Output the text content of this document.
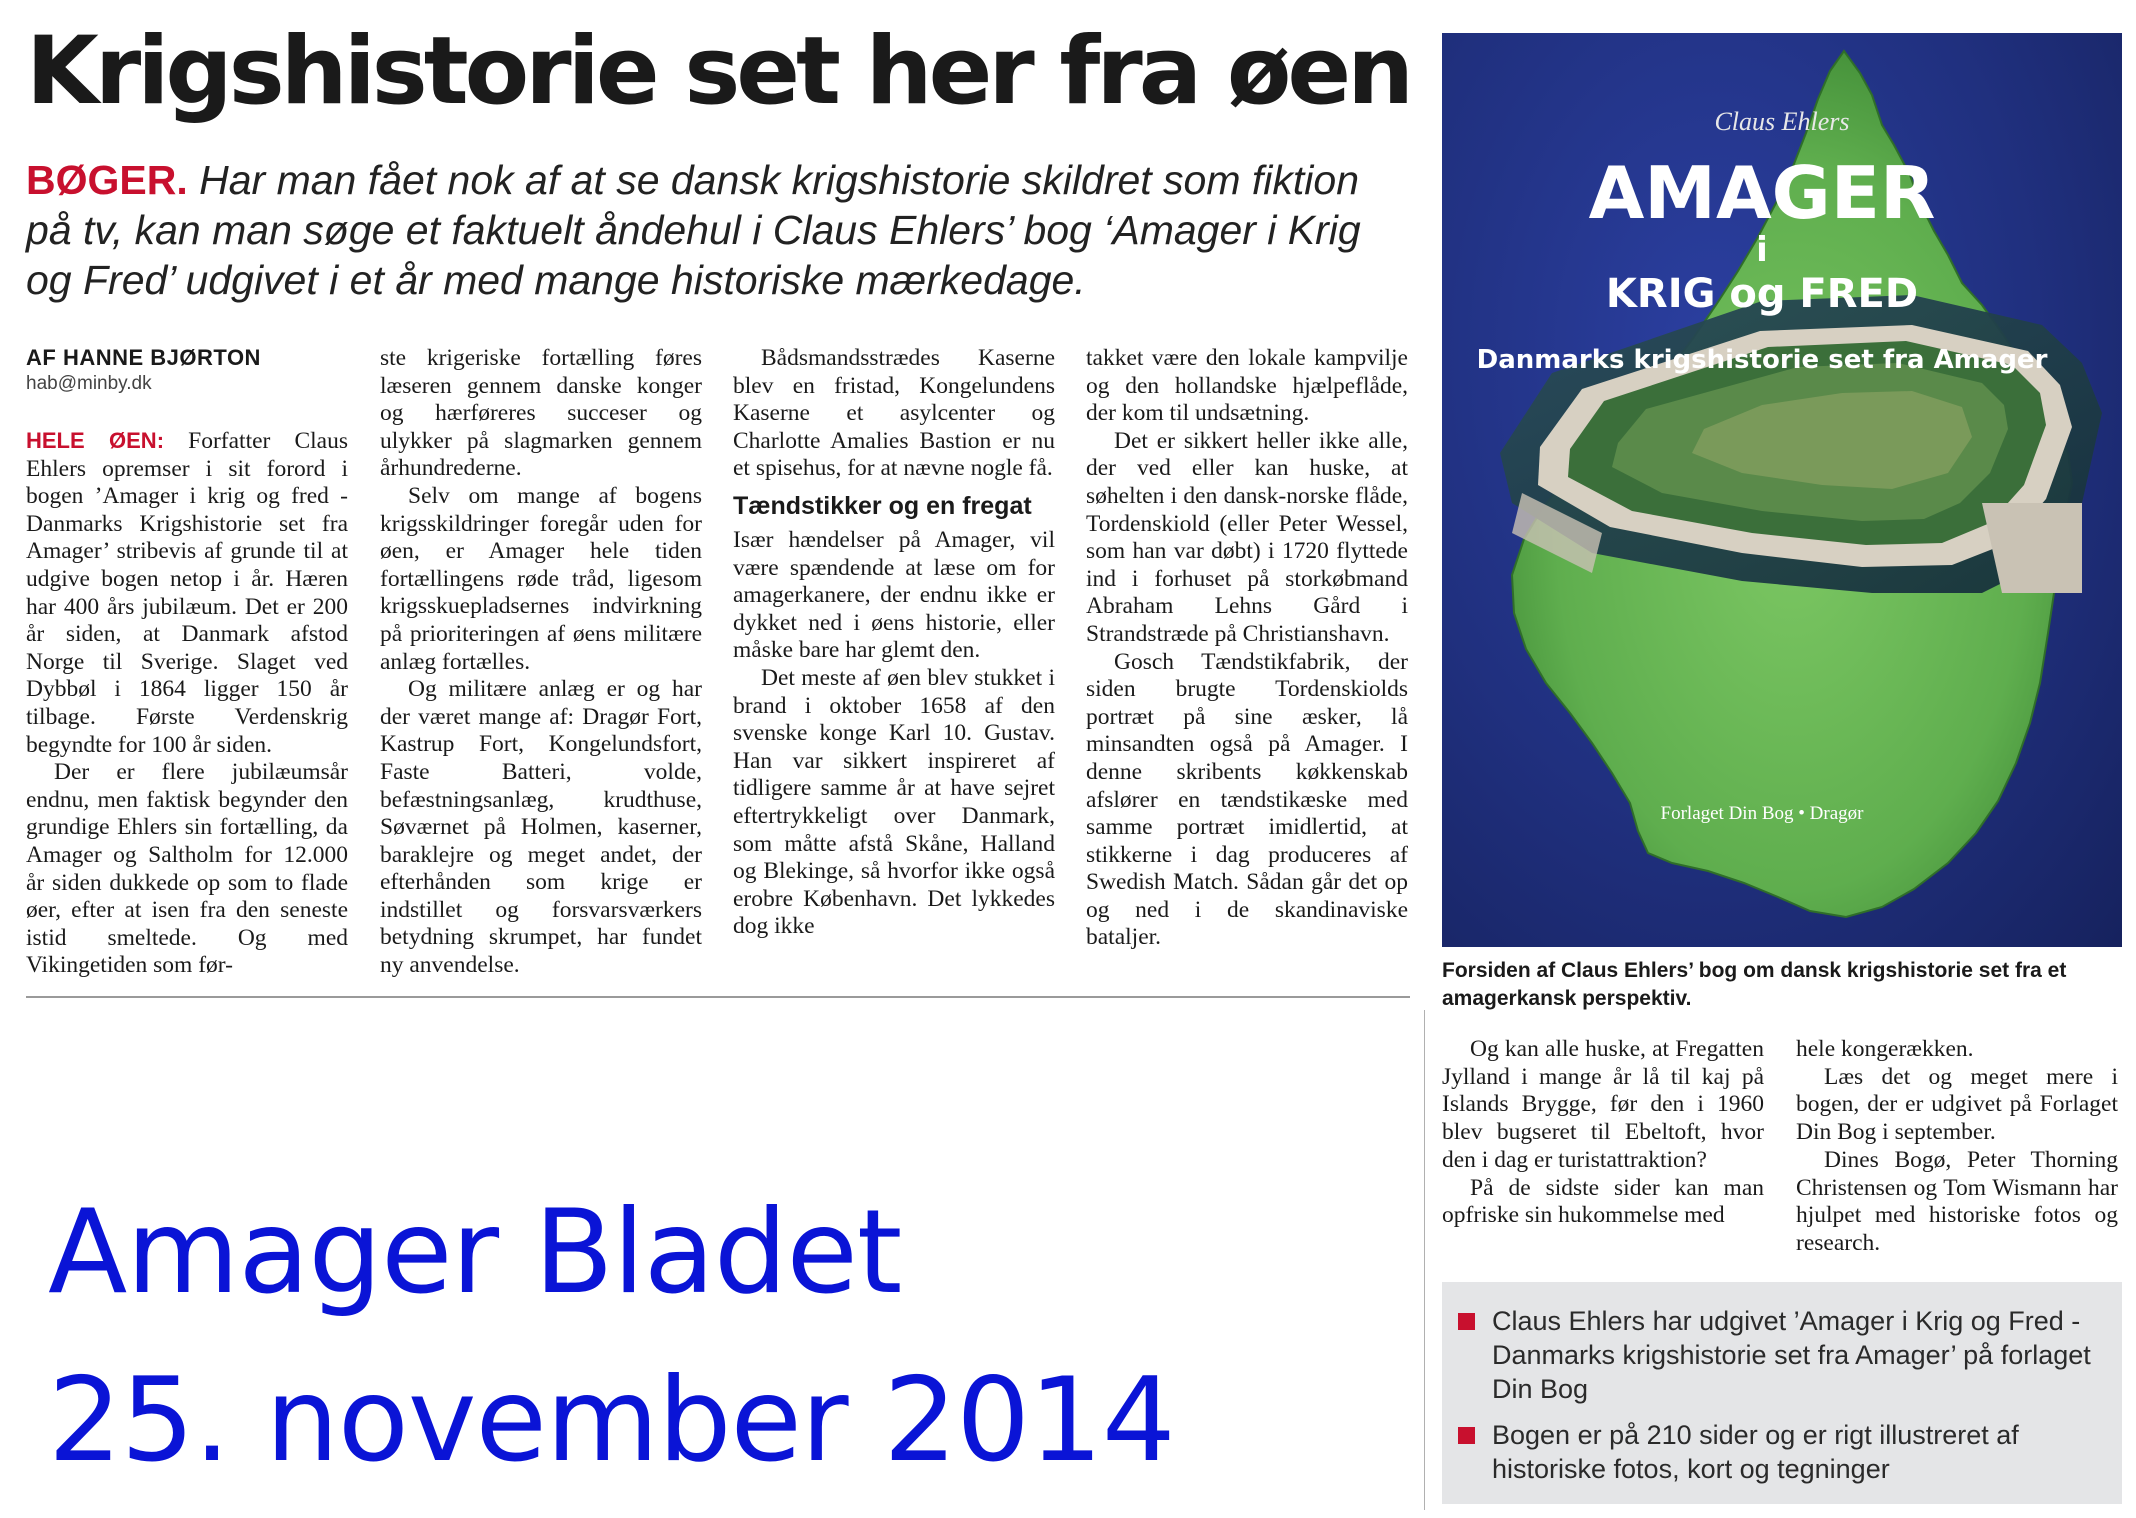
Krigshistorie set her fra øen
BØGER. Har man fået nok af at se dansk krigshistorie skildret som fiktion på tv, kan man søge et faktuelt åndehul i Claus Ehlers’ bog ‘Amager i Krig og Fred’ udgivet i et år med mange historiske mærkedage.
AF HANNE BJØRTON
hab@minby.dk

HELE ØEN: Forfatter Claus Ehlers opremser i sit forord i bogen ’Amager i krig og fred - Danmarks Krigshistorie set fra Amager’ stribevis af grunde til at udgive bogen netop i år. Hæren har 400 års jubilæum. Det er 200 år siden, at Danmark afstod Norge til Sverige. Slaget ved Dybbøl i 1864 ligger 150 år tilbage. Første Verdenskrig begyndte for 100 år siden.

Der er flere jubilæumsår endnu, men faktisk begynder den grundige Ehlers sin fortælling, da Amager og Saltholm for 12.000 år siden dukkede op som to flade øer, efter at isen fra den seneste istid smeltede. Og med Vikingetiden som før-

ste krigeriske fortælling føres læseren gennem danske konger og hærføreres succeser og ulykker på slagmarken gennem århundrederne.

Selv om mange af bogens krigsskildringer foregår uden for øen, er Amager hele tiden fortællingens røde tråd, ligesom krigsskuepladsernes indvirkning på prioriteringen af øens militære anlæg fortælles.

Og militære anlæg er og har der været mange af: Dragør Fort, Kastrup Fort, Kongelundsfort, Faste Batteri, volde, befæstningsanlæg, krudthuse, Søværnet på Holmen, kaserner, baraklejre og meget andet, der efterhånden som krige er indstillet og forsvarsværkers betydning skrumpet, har fundet ny anvendelse.

Bådsmandsstrædes Kaserne blev en fristad, Kongelundens Kaserne et asylcenter og Charlotte Amalies Bastion er nu et spisehus, for at nævne nogle få.

Tændstikker og en fregat

Især hændelser på Amager, vil være spændende at læse om for amagerkanere, der endnu ikke er dykket ned i øens historie, eller måske bare har glemt den.

Det meste af øen blev stukket i brand i oktober 1658 af den svenske konge Karl 10. Gustav. Han var sikkert inspireret af tidligere samme år at have sejret eftertrykkeligt over Danmark, som måtte afstå Skåne, Halland og Blekinge, så hvorfor ikke også erobre København. Det lykkedes dog ikke

takket være den lokale kampvilje og den hollandske hjælpeflåde, der kom til undsætning.

Det er sikkert heller ikke alle, der ved eller kan huske, at søhelten i den dansk-norske flåde, Tordenskiold (eller Peter Wessel, som han var døbt) i 1720 flyttede ind i forhuset på storkøbmand Abraham Lehns Gård i Strandstræde på Christianshavn.

Gosch Tændstikfabrik, der siden brugte Tordenskiolds portræt på sine æsker, lå minsandten også på Amager. I denne skribents køkkenskab afslører en tændstikæske med samme portræt imidlertid, at stikkerne i dag produceres af Swedish Match. Sådan går det op og ned i de skandinaviske bataljer.

Amager Bladet
25. november 2014
Claus Ehlers
AMAGER
i
KRIG og FRED
Danmarks krigshistorie set fra Amager
Forlaget Din Bog • Dragør
Forsiden af Claus Ehlers’ bog om dansk krigshistorie set fra et amagerkansk perspektiv.

Og kan alle huske, at Fregatten Jylland i mange år lå til kaj på Islands Brygge, før den i 1960 blev bugseret til Ebeltoft, hvor den i dag er turistattraktion?

På de sidste sider kan man opfriske sin hukommelse med

hele kongerækken.

Læs det og meget mere i bogen, der er udgivet på Forlaget Din Bog i september.

Dines Bogø, Peter Thorning Christensen og Tom Wismann har hjulpet med historiske fotos og research.

Claus Ehlers har udgivet ’Amager i Krig og Fred - Danmarks krigshistorie set fra Amager’ på forlaget Din Bog
Bogen er på 210 sider og er rigt illustreret af historiske fotos, kort og tegninger
